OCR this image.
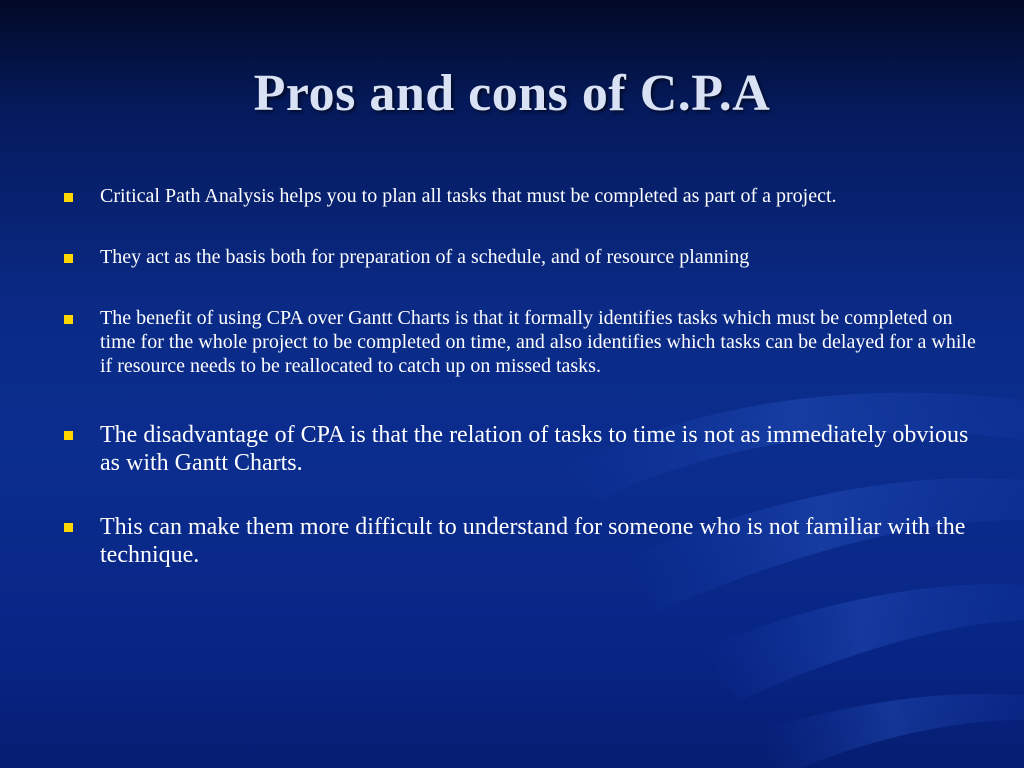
Pros and cons of C.P.A
Critical Path Analysis helps you to plan all tasks that must be completed as part of a project.
They act as the basis both for preparation of a schedule, and of resource planning
The benefit of using CPA over Gantt Charts is that it formally identifies tasks which must be completed on time for the whole project to be completed on time, and also identifies which tasks can be delayed for a while if resource needs to be reallocated to catch up on missed tasks.
The disadvantage of CPA is that the relation of tasks to time is not as immediately obvious as with Gantt Charts.
This can make them more difficult to understand for someone who is not familiar with the technique.
